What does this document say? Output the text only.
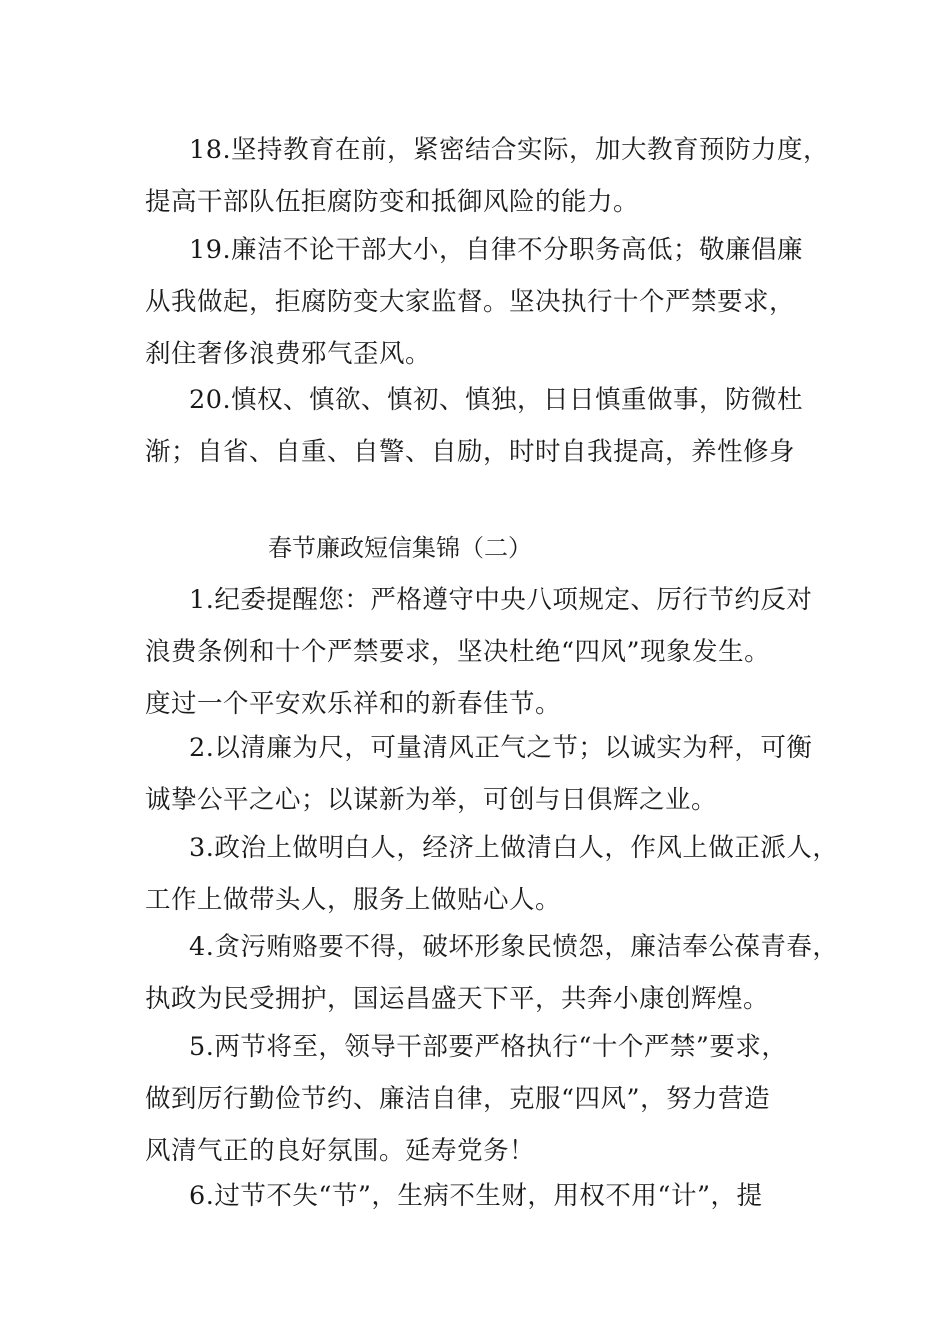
18.坚持教育在前，紧密结合实际，加大教育预防力度，
提高干部队伍拒腐防变和抵御风险的能力。
19.廉洁不论干部大小，自律不分职务高低；敬廉倡廉
从我做起，拒腐防变大家监督。坚决执行十个严禁要求，
刹住奢侈浪费邪气歪风。
20.慎权、慎欲、慎初、慎独，日日慎重做事，防微杜
渐；自省、自重、自警、自励，时时自我提高，养性修身
春节廉政短信集锦（二）
1.纪委提醒您：严格遵守中央八项规定、厉行节约反对
浪费条例和十个严禁要求，坚决杜绝“四风”现象发生。
度过一个平安欢乐祥和的新春佳节。
2.以清廉为尺，可量清风正气之节；以诚实为秤，可衡
诚挚公平之心；以谋新为举，可创与日俱辉之业。
3.政治上做明白人，经济上做清白人，作风上做正派人，
工作上做带头人，服务上做贴心人。
4.贪污贿赂要不得，破坏形象民愤怨，廉洁奉公葆青春，
执政为民受拥护，国运昌盛天下平，共奔小康创辉煌。
5.两节将至，领导干部要严格执行“十个严禁”要求，
做到厉行勤俭节约、廉洁自律，克服“四风”，努力营造
风清气正的良好氛围。延寿党务！
6.过节不失“节”，生病不生财，用权不用“计”，提
